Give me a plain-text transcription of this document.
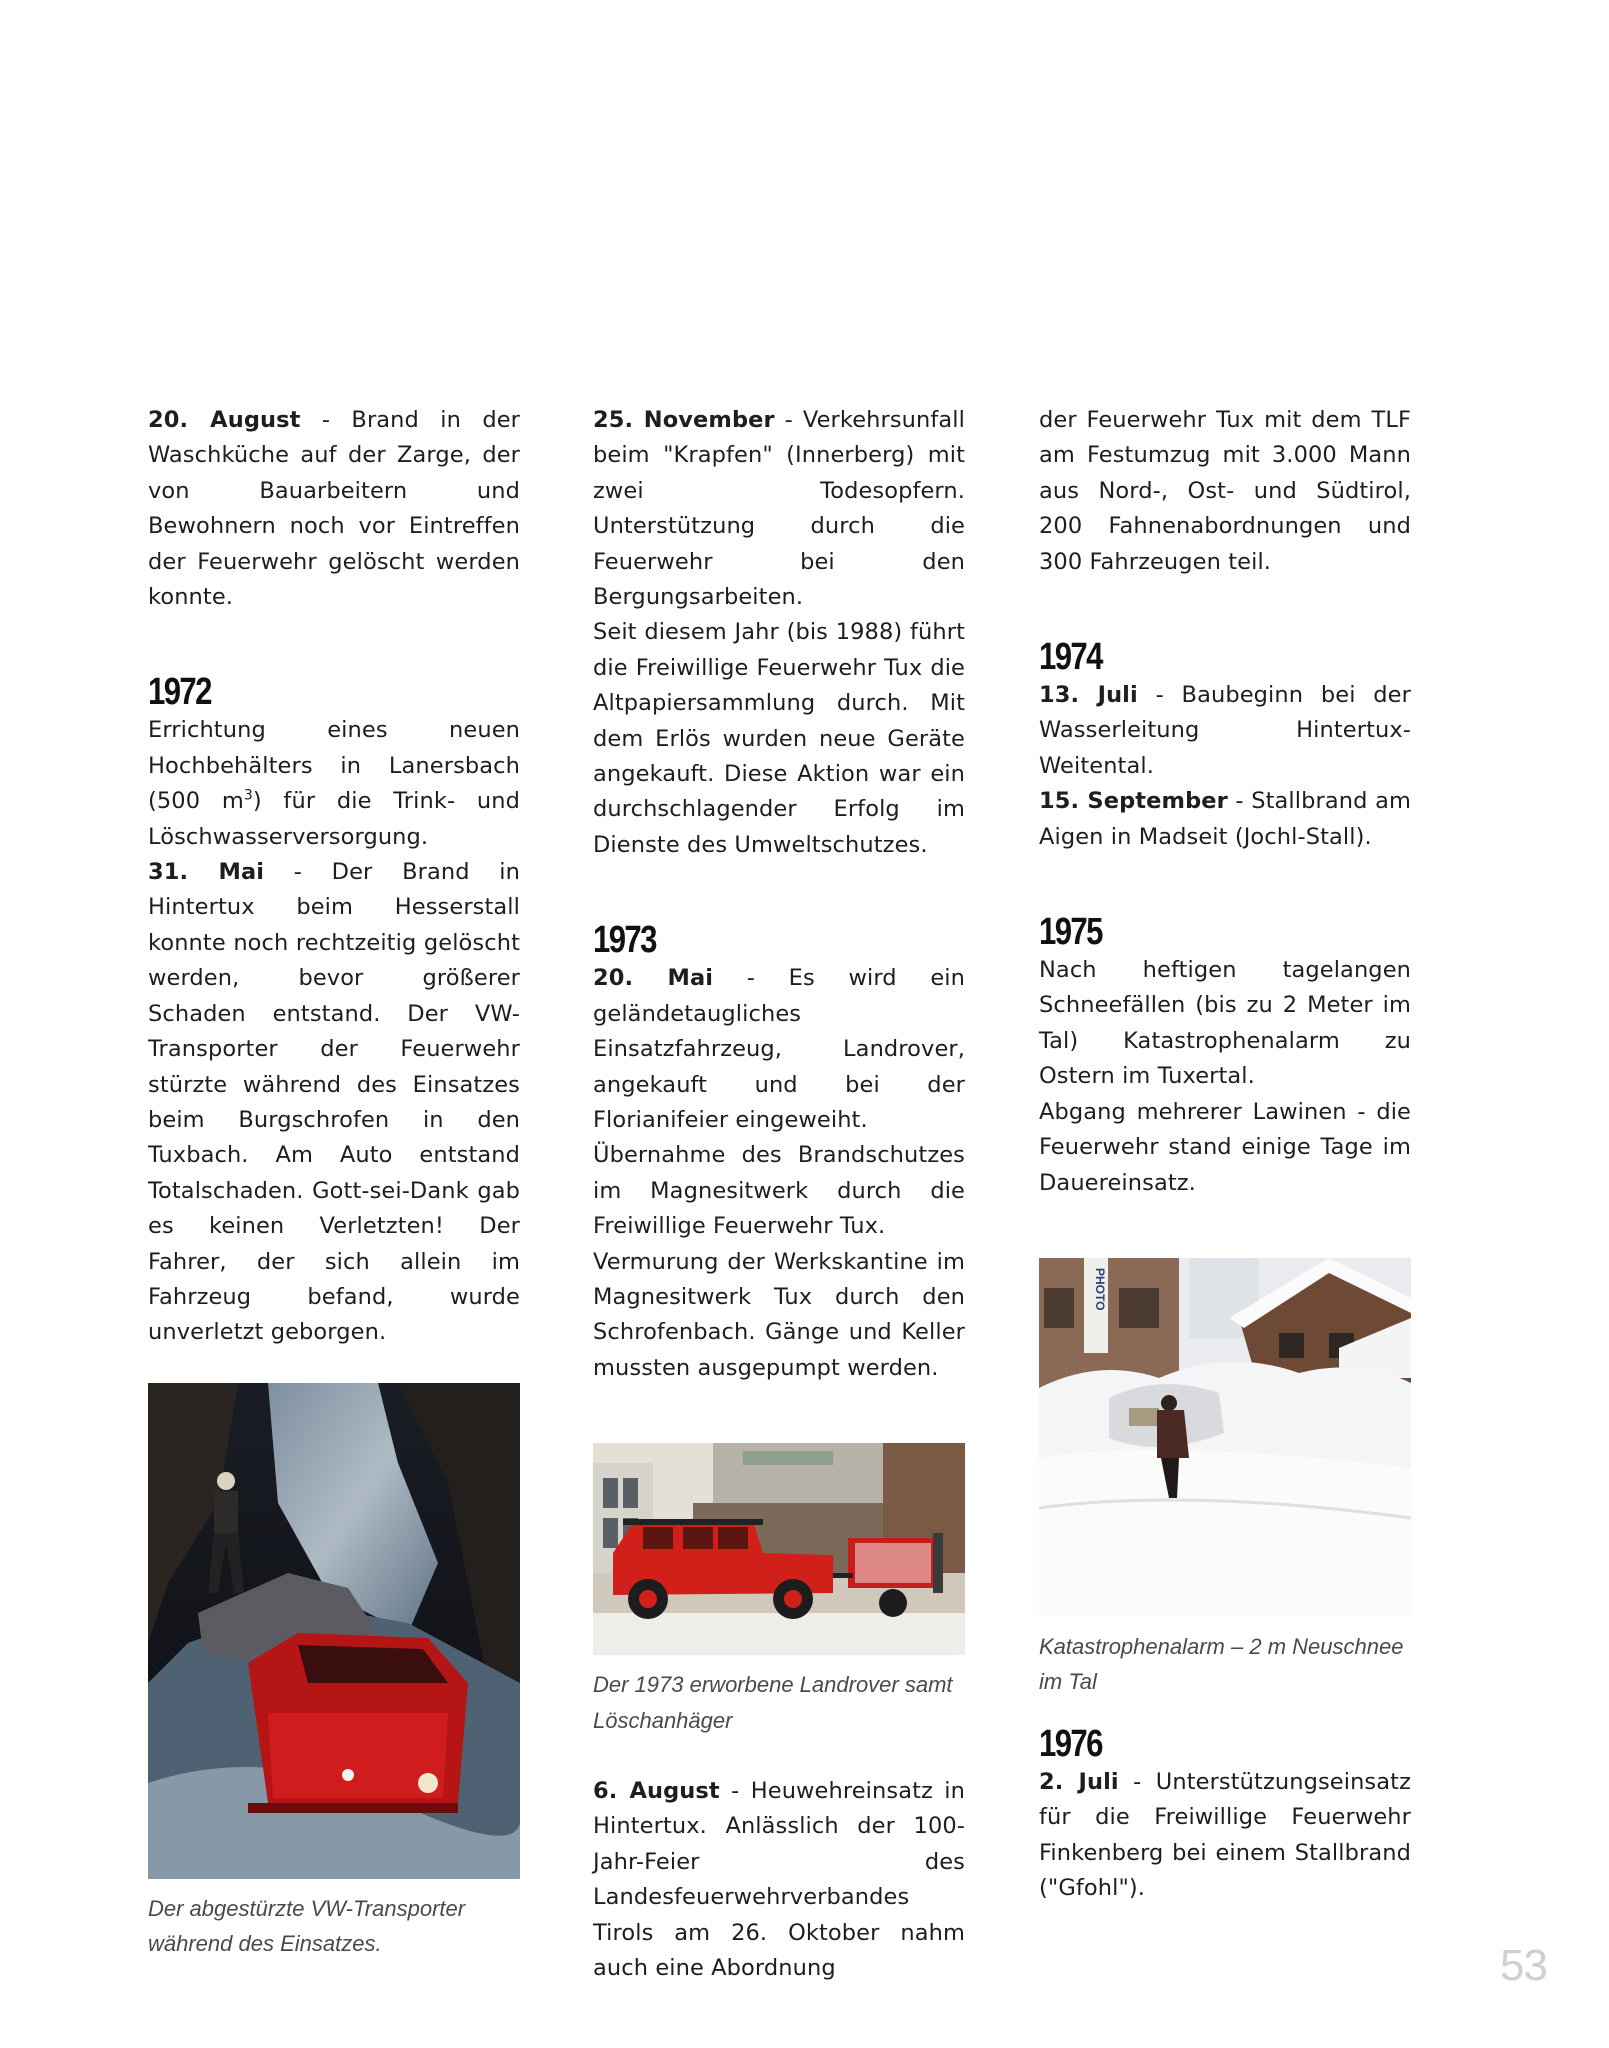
20. August - Brand in der Waschküche auf der Zarge, der von Bauarbeitern und Bewohnern noch vor Eintreffen der Feuerwehr gelöscht werden konnte.

1972

Errichtung eines neuen Hochbehälters in Lanersbach (500 $m^3$) für die Trink- und Löschwasserversorgung.

31. Mai - Der Brand in Hintertux beim Hesserstall konnte noch rechtzeitig gelöscht werden, bevor größerer Schaden entstand. Der VW-Transporter der Feuerwehr stürzte während des Einsatzes beim Burgschrofen in den Tuxbach. Am Auto entstand Totalschaden. Gott-sei-Dank gab es keinen Verletzten! Der Fahrer, der sich allein im Fahrzeug befand, wurde unverletzt geborgen.

Der abgestürzte VW-Transporter während des Einsatzes.

25. November - Verkehrsunfall beim "Krapfen" (Innerberg) mit zwei Todesopfern. Unterstützung durch die Feuerwehr bei den Bergungsarbeiten.

Seit diesem Jahr (bis 1988) führt die Freiwillige Feuerwehr Tux die Altpapiersammlung durch. Mit dem Erlös wurden neue Geräte angekauft. Diese Aktion war ein durchschlagender Erfolg im Dienste des Umweltschutzes.

1973

20. Mai - Es wird ein geländetaugliches Einsatzfahrzeug, Landrover, angekauft und bei der Florianifeier eingeweiht.

Übernahme des Brandschutzes im Magnesitwerk durch die Freiwillige Feuerwehr Tux.

Vermurung der Werkskantine im Magnesitwerk Tux durch den Schrofenbach. Gänge und Keller mussten ausgepumpt werden.

Der 1973 erworbene Landrover samt Löschanhäger

6. August - Heuwehreinsatz in Hintertux. Anlässlich der 100-Jahr-Feier des Landesfeuerwehrverbandes Tirols am 26. Oktober nahm auch eine Abordnung

der Feuerwehr Tux mit dem TLF am Festumzug mit 3.000 Mann aus Nord-, Ost- und Südtirol, 200 Fahnenabordnungen und 300 Fahrzeugen teil.

1974

13. Juli - Baubeginn bei der Wasserleitung Hintertux-Weitental.

15. September - Stallbrand am Aigen in Madseit (Jochl-Stall).

1975

Nach heftigen tagelangen Schneefällen (bis zu 2 Meter im Tal) Katastrophenalarm zu Ostern im Tuxertal.

Abgang mehrerer Lawinen - die Feuerwehr stand einige Tage im Dauereinsatz.

PHOTO

Katastrophenalarm – 2 m Neuschnee im Tal

1976

2. Juli - Unterstützungseinsatz für die Freiwillige Feuerwehr Finkenberg bei einem Stallbrand ("Gfohl").

53
